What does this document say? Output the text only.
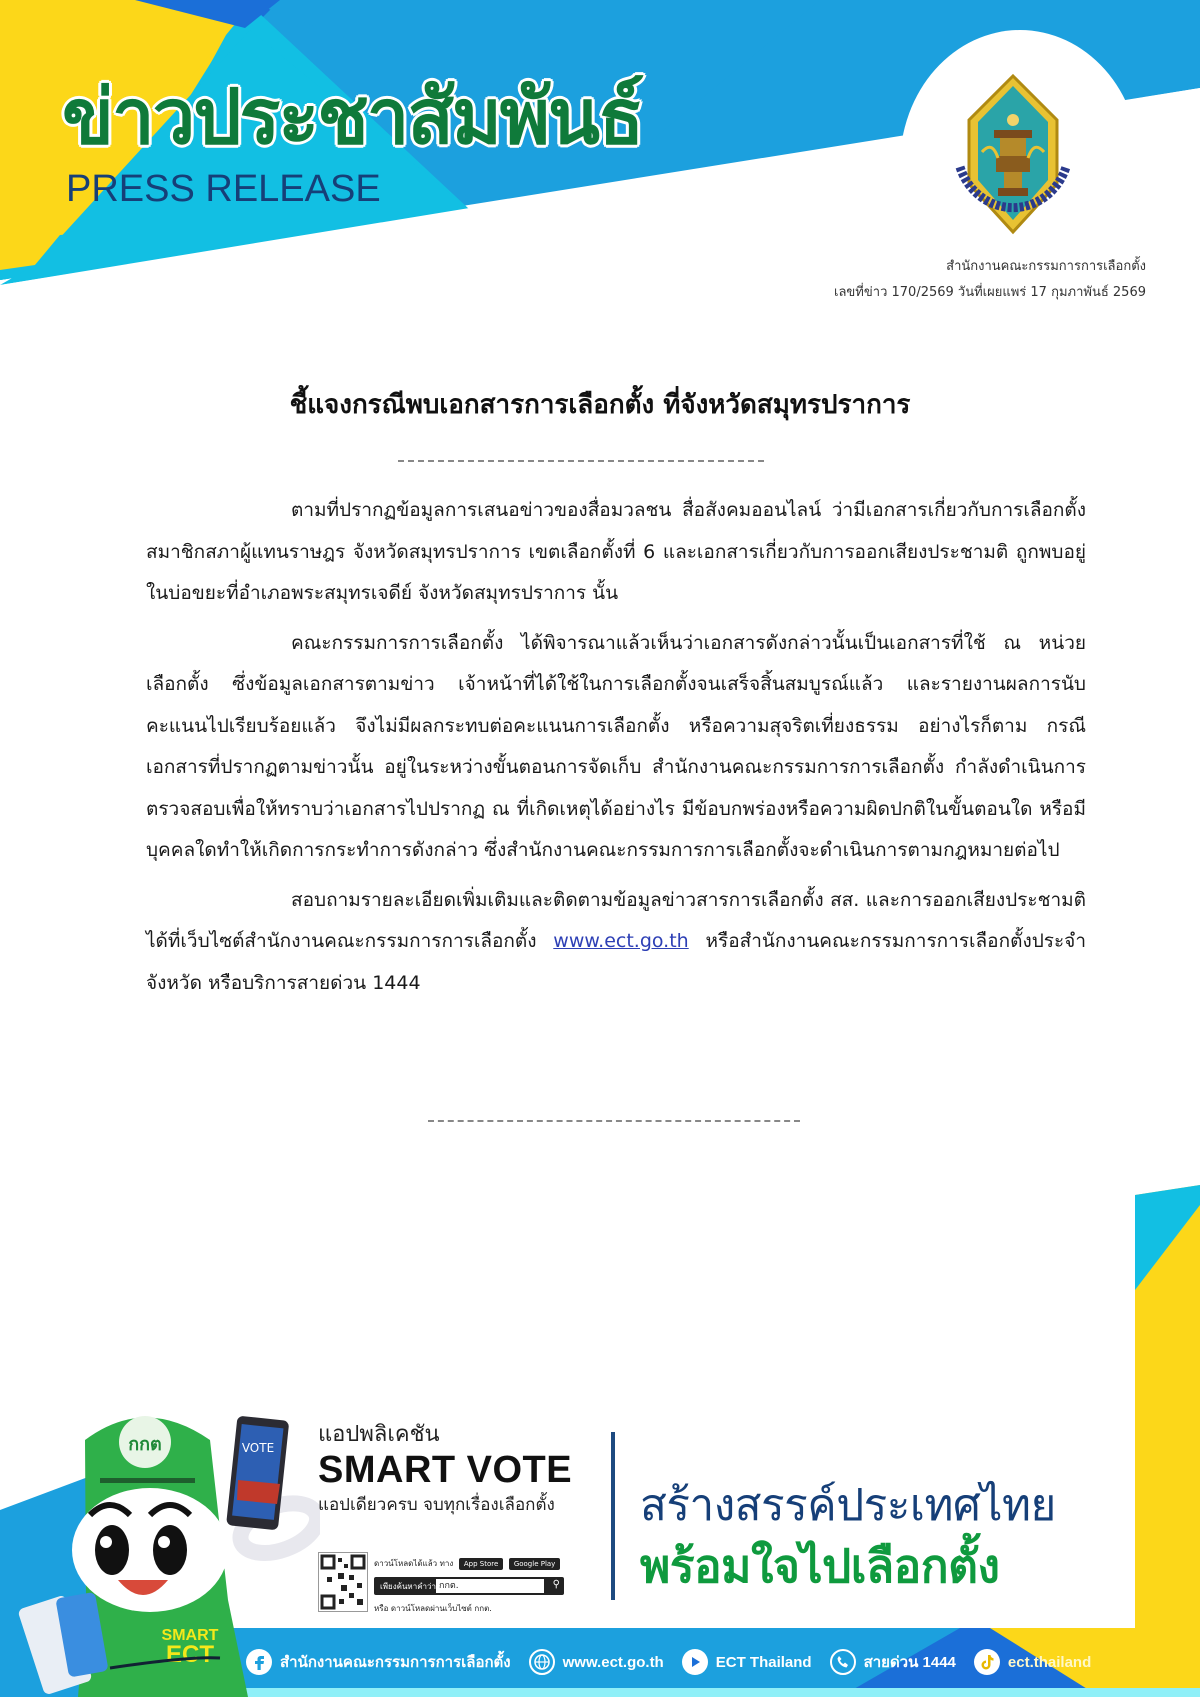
ข่าวประชาสัมพันธ์
PRESS RELEASE
สำนักงานคณะกรรมการการเลือกตั้ง
เลขที่ข่าว 170/2569 วันที่เผยแพร่ 17 กุมภาพันธ์ 2569
ชี้แจงกรณีพบเอกสารการเลือกตั้ง ที่จังหวัดสมุทรปราการ

ตามที่ปรากฏข้อมูลการเสนอข่าวของสื่อมวลชน สื่อสังคมออนไลน์ ว่ามีเอกสารเกี่ยวกับการเลือกตั้งสมาชิกสภาผู้แทนราษฎร จังหวัดสมุทรปราการ เขตเลือกตั้งที่ 6 และเอกสารเกี่ยวกับการออกเสียงประชามติ ถูกพบอยู่ในบ่อขยะที่อำเภอพระสมุทรเจดีย์ จังหวัดสมุทรปราการ นั้น

คณะกรรมการการเลือกตั้ง ได้พิจารณาแล้วเห็นว่าเอกสารดังกล่าวนั้นเป็นเอกสารที่ใช้ ณ หน่วยเลือกตั้ง ซึ่งข้อมูลเอกสารตามข่าว เจ้าหน้าที่ได้ใช้ในการเลือกตั้งจนเสร็จสิ้นสมบูรณ์แล้ว และรายงานผลการนับคะแนนไปเรียบร้อยแล้ว จึงไม่มีผลกระทบต่อคะแนนการเลือกตั้ง หรือความสุจริตเที่ยงธรรม อย่างไรก็ตาม กรณีเอกสารที่ปรากฏตามข่าวนั้น อยู่ในระหว่างขั้นตอนการจัดเก็บ สำนักงานคณะกรรมการการเลือกตั้ง กำลังดำเนินการตรวจสอบเพื่อให้ทราบว่าเอกสารไปปรากฏ ณ ที่เกิดเหตุได้อย่างไร มีข้อบกพร่องหรือความผิดปกติในขั้นตอนใด หรือมีบุคคลใดทำให้เกิดการกระทำการดังกล่าว ซึ่งสำนักงานคณะกรรมการการเลือกตั้งจะดำเนินการตามกฎหมายต่อไป

สอบถามรายละเอียดเพิ่มเติมและติดตามข้อมูลข่าวสารการเลือกตั้ง สส. และการออกเสียงประชามติ ได้ที่เว็บไซต์สำนักงานคณะกรรมการการเลือกตั้ง www.ect.go.th หรือสำนักงานคณะกรรมการการเลือกตั้งประจำจังหวัด หรือบริการสายด่วน 1444

กกต	VOTE
SMART
ECT
แอปพลิเคชัน
SMART VOTE
แอปเดียวครบ จบทุกเรื่องเลือกตั้ง
ดาวน์โหลดได้แล้ว ทาง App Store Google Play
เพียงค้นหาคำว่า กกต.	⚲
หรือ ดาวน์โหลดผ่านเว็บไซต์ กกต.
สร้างสรรค์ประเทศไทย
พร้อมใจไปเลือกตั้ง
สำนักงานคณะกรรมการการเลือกตั้ง	www.ect.go.th	ECT Thailand	สายด่วน 1444	ect.thailand
